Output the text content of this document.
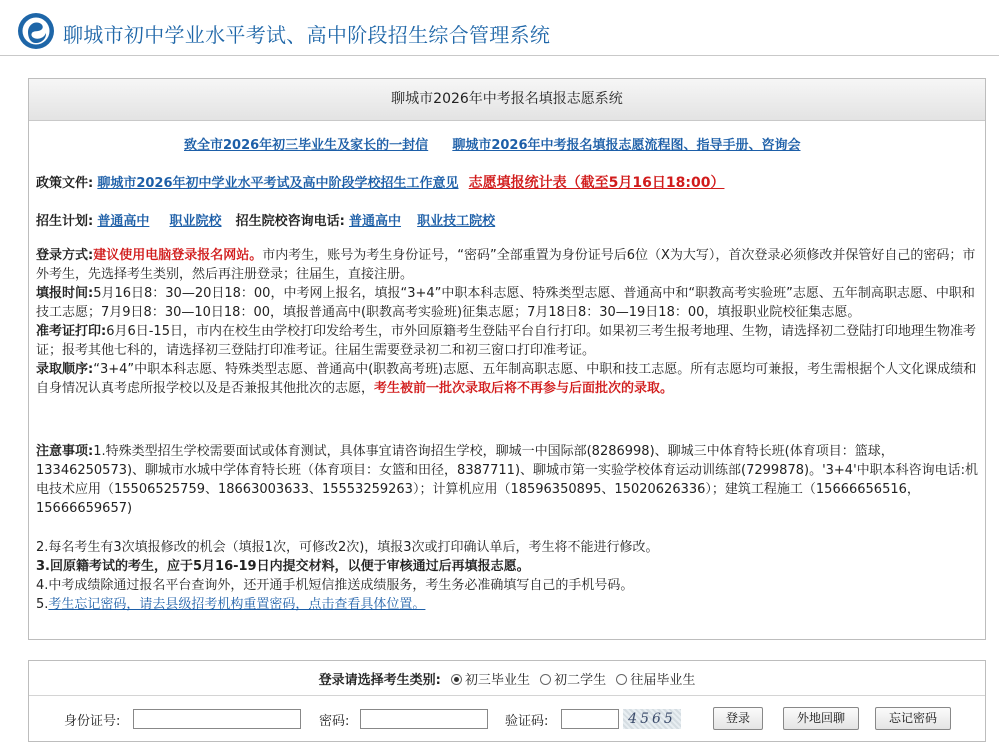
聊城市初中学业水平考试、高中阶段招生综合管理系统
聊城市2026年中考报名填报志愿系统
致全市2026年初三毕业生及家长的一封信 聊城市2026年中考报名填报志愿流程图、指导手册、咨询会
政策文件: 聊城市2026年初中学业水平考试及高中阶段学校招生工作意见 志愿填报统计表（截至5月16日18:00）
招生计划: 普通高中 职业院校 招生院校咨询电话: 普通高中 职业技工院校
登录方式:建议使用电脑登录报名网站。市内考生，账号为考生身份证号，“密码”全部重置为身份证号后6位（X为大写），首次登录必须修改并保管好自己的密码；市外考生，先选择考生类别，然后再注册登录；往届生，直接注册。
填报时间:5月16日8：30—20日18：00，中考网上报名，填报“3+4”中职本科志愿、特殊类型志愿、普通高中和“职教高考实验班”志愿、五年制高职志愿、中职和技工志愿；7月9日8：30—10日18：00，填报普通高中(职教高考实验班)征集志愿；7月18日8：30—19日18：00，填报职业院校征集志愿。
准考证打印:6月6日-15日，市内在校生由学校打印发给考生，市外回原籍考生登陆平台自行打印。如果初三考生报考地理、生物，请选择初二登陆打印地理生物准考证；报考其他七科的，请选择初三登陆打印准考证。往届生需要登录初二和初三窗口打印准考证。
录取顺序:“3+4”中职本科志愿、特殊类型志愿、普通高中(职教高考班)志愿、五年制高职志愿、中职和技工志愿。所有志愿均可兼报，考生需根据个人文化课成绩和自身情况认真考虑所报学校以及是否兼报其他批次的志愿，考生被前一批次录取后将不再参与后面批次的录取。
注意事项:1.特殊类型招生学校需要面试或体育测试，具体事宜请咨询招生学校，聊城一中国际部(8286998)、聊城三中体育特长班(体育项目：篮球，13346250573)、聊城市水城中学体育特长班（体育项目：女篮和田径，8387711)、聊城市第一实验学校体育运动训练部(7299878)。'3+4'中职本科咨询电话:机电技术应用（15506525759、18663003633、15553259263）；计算机应用（18596350895、15020626336）；建筑工程施工（15666656516，15666659657)
2.每名考生有3次填报修改的机会（填报1次，可修改2次)，填报3次或打印确认单后，考生将不能进行修改。
3.回原籍考试的考生，应于5月16-19日内提交材料，以便于审核通过后再填报志愿。
4.中考成绩除通过报名平台查询外，还开通手机短信推送成绩服务，考生务必准确填写自己的手机号码。
5.考生忘记密码，请去县级招考机构重置密码，点击查看具体位置。
登录请选择考生类别: 初三毕业生 初二学生 往届毕业生
身份证号:	密码:	验证码:	4565	登录	外地回聊	忘记密码
